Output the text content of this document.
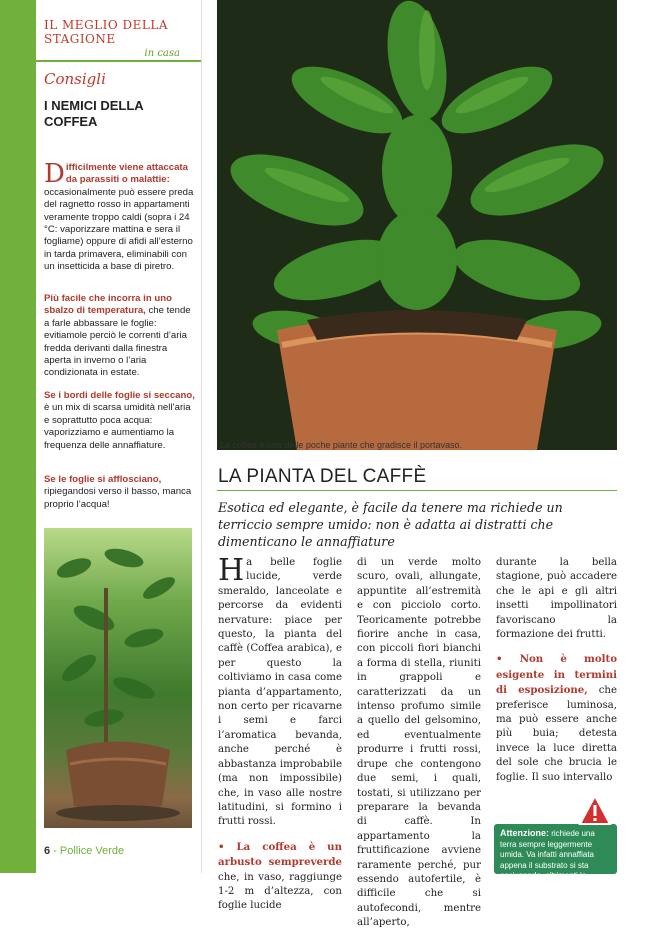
IL MEGLIO DELLA STAGIONE
in casa
Consigli
I NEMICI DELLA COFFEA
Difficilmente viene attaccata da parassiti o malattie: occasionalmente può essere preda del ragnetto rosso in appartamenti veramente troppo caldi (sopra i 24 °C: vaporizzare mattina e sera il fogliame) oppure di afidi all’esterno in tarda primavera, eliminabili con un insetticida a base di piretro.
Più facile che incorra in uno sbalzo di temperatura, che tende a farle abbassare le foglie: evitiamole perciò le correnti d’aria fredda derivanti dalla finestra aperta in inverno o l’aria condizionata in estate.
Se i bordi delle foglie si seccano, è un mix di scarsa umidità nell’aria e soprattutto poca acqua: vaporizziamo e aumentiamo la frequenza delle annaffiature.
Se le foglie si afflosciano, ripiegandosi verso il basso, manca proprio l’acqua!
6 - Pollice Verde
La coffea è una delle poche piante che gradisce il portavaso.
LA PIANTA DEL CAFFÈ
Esotica ed elegante, è facile da tenere ma richiede un terriccio sempre umido: non è adatta ai distratti che dimenticano le annaffiature

Ha belle foglie lucide, verde smeraldo, lanceolate e percorse da evidenti nervature: piace per questo, la pianta del caffè (Coffea arabica), e per questo la coltiviamo in casa come pianta d’appartamento, non certo per ricavarne i semi e farci l’aromatica bevanda, anche perché è abbastanza improbabile (ma non impossibile) che, in vaso alle nostre latitudini, si formino i frutti rossi.

• La coffea è un arbusto sempreverde che, in vaso, raggiunge 1-2 m d’altezza, con foglie lucide

di un verde molto scuro, ovali, allungate, appuntite all’estremità e con picciolo corto. Teoricamente potrebbe fiorire anche in casa, con piccoli fiori bianchi a forma di stella, riuniti in grappoli e caratterizzati da un intenso profumo simile a quello del gelsomino, ed eventualmente produrre i frutti rossi, drupe che contengono due semi, i quali, tostati, si utilizzano per preparare la bevanda di caffè. In appartamento la fruttificazione avviene raramente perché, pur essendo autofertile, è difficile che si autofecondi, mentre all’aperto,

durante la bella stagione, può accadere che le api e gli altri insetti impollinatori favoriscano la formazione dei frutti.

• Non è molto esigente in termini di esposizione, che preferisce luminosa, ma può essere anche più buia; detesta invece la luce diretta del sole che brucia le foglie. Il suo intervallo

Attenzione: richiede una terra sempre leggermente umida. Va infatti annaffiata appena il substrato si sta asciugando, altrimenti le grandi foglie si afflosciano attorno al fusto, si seccano e cadono.
